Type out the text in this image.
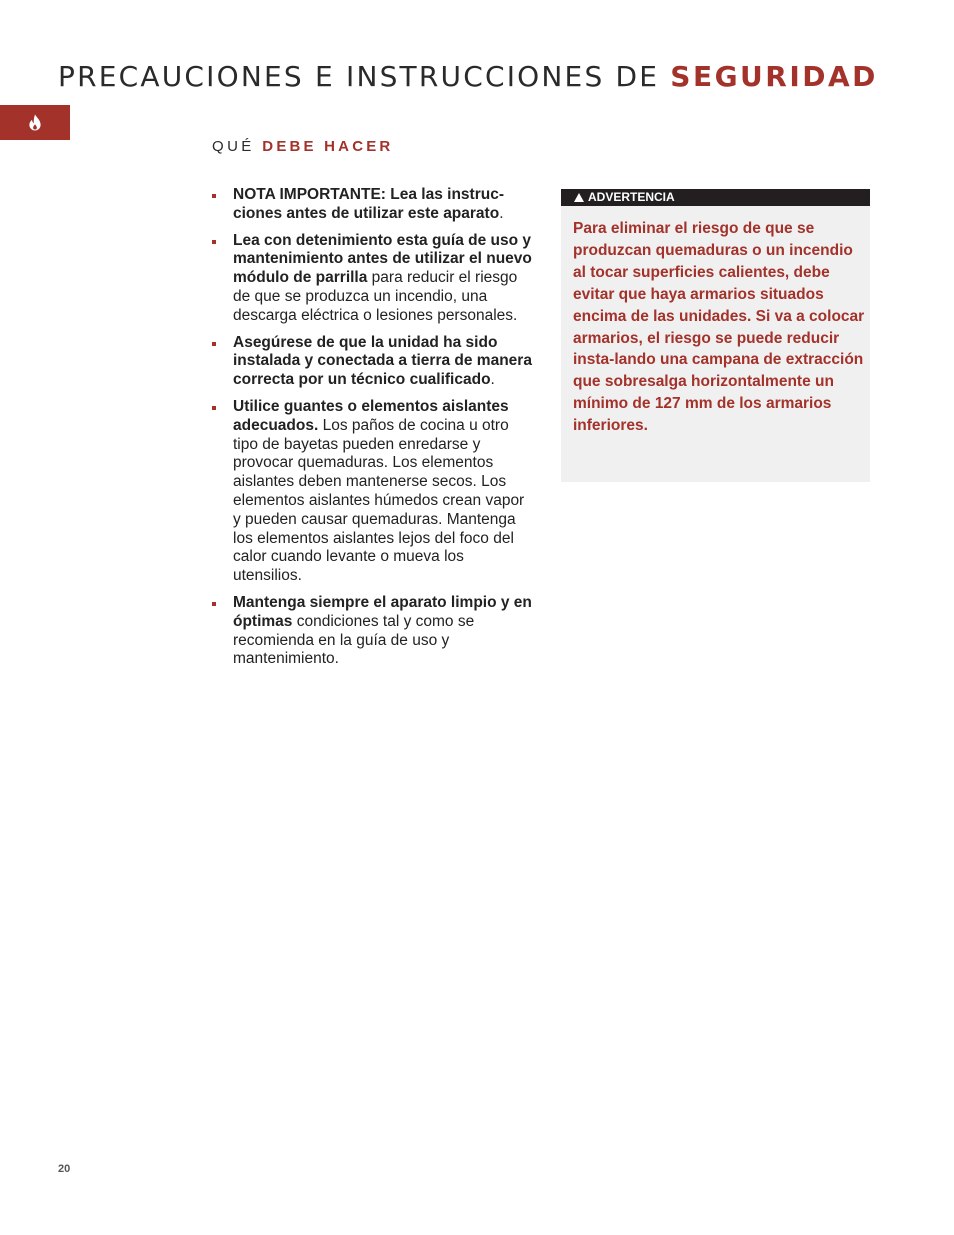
PRECAUCIONES E INSTRUCCIONES DE SEGURIDAD
QUÉ DEBE HACER
NOTA IMPORTANTE: Lea las instruc-ciones antes de utilizar este aparato.
Lea con detenimiento esta guía de uso y mantenimiento antes de utilizar el nuevo módulo de parrilla para reducir el riesgo de que se produzca un incendio, una descarga eléctrica o lesiones personales.
Asegúrese de que la unidad ha sido instalada y conectada a tierra de manera correcta por un técnico cualificado.
Utilice guantes o elementos aislantes adecuados. Los paños de cocina u otro tipo de bayetas pueden enredarse y provocar quemaduras. Los elementos aislantes deben mantenerse secos. Los elementos aislantes húmedos crean vapor y pueden causar quemaduras. Mantenga los elementos aislantes lejos del foco del calor cuando levante o mueva los utensilios.
Mantenga siempre el aparato limpio y en óptimas condiciones tal y como se recomienda en la guía de uso y mantenimiento.
ADVERTENCIA
Para eliminar el riesgo de que se produzcan quemaduras o un incendio al tocar superficies calientes, debe evitar que haya armarios situados encima de las unidades. Si va a colocar armarios, el riesgo se puede reducir insta-lando una campana de extracción que sobresalga horizontalmente un mínimo de 127 mm de los armarios inferiores.
20
